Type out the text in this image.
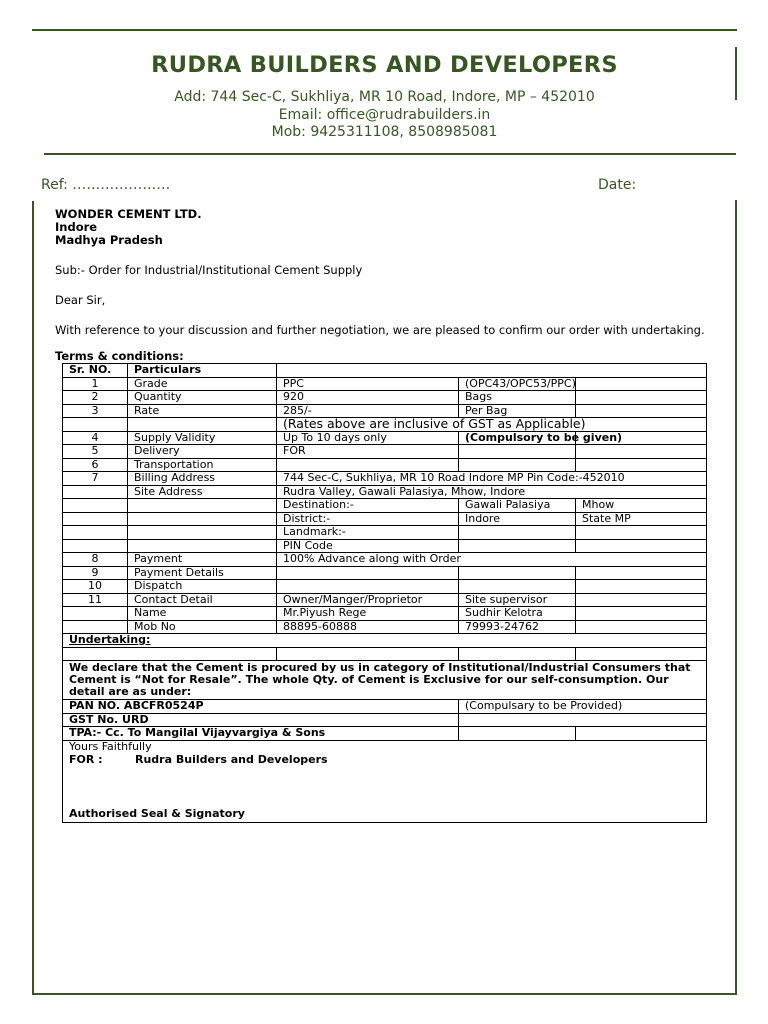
RUDRA BUILDERS AND DEVELOPERS
Add: 744 Sec-C, Sukhliya, MR 10 Road, Indore, MP – 452010
Email: office@rudrabuilders.in
Mob: 9425311108, 8508985081
Ref: …………………	Date:
WONDER CEMENT LTD.
Indore
Madhya Pradesh
Sub:- Order for Industrial/Institutional Cement Supply
Dear Sir,
With reference to your discussion and further negotiation, we are pleased to confirm our order with undertaking.
Terms & conditions:
Sr. NO.	Particulars			
1	Grade	PPC	(OPC43/OPC53/PPC)	
2	Quantity	920	Bags	
3	Rate	285/-	Per Bag	
		(Rates above are inclusive of GST as Applicable)		
4	Supply Validity	Up To 10 days only	(Compulsory to be given)	
5	Delivery	FOR		
6	Transportation			
7	Billing Address	744 Sec-C, Sukhliya, MR 10 Road Indore MP Pin Code:-452010		
	Site Address	Rudra Valley, Gawali Palasiya, Mhow, Indore		
		Destination:-	Gawali Palasiya	Mhow
		District:-	Indore	State MP
		Landmark:-		
		PIN Code		
8	Payment	100% Advance along with Order		
9	Payment Details			
10	Dispatch			
11	Contact Detail	Owner/Manger/Proprietor	Site supervisor	
	Name	Mr.Piyush Rege	Sudhir Kelotra	
	Mob No	88895-60888	79993-24762	
Undertaking:				

We declare that the Cement is procured by us in category of Institutional/Industrial Consumers that Cement is “Not for Resale”. The whole Qty. of Cement is Exclusive for our self-consumption. Our detail are as under:				
PAN NO. ABCFR0524P			(Compulsary to be Provided)	
GST No. URD				
TPA:- Cc. To Mangilal Vijayvargiya & Sons				

Yours Faithfully
FOR : Rudra Builders and Developers
Authorised Seal & Signatory				
